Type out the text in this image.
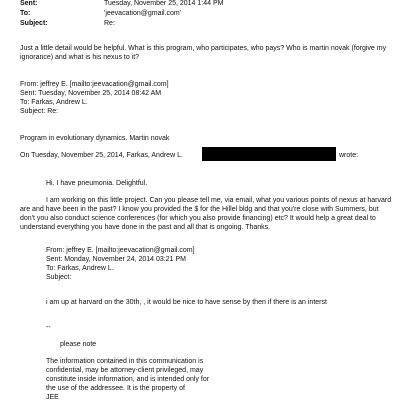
Sent:	Tuesday, November 25, 2014 1:44 PM
To:	'jeevacation@gmail.com'
Subject:	Re:
Just a little detail would be helpful. What is this program, who participates, who pays? Who is martin novak (forgive my
ignorance) and what is his nexus to it?
From: jeffrey E. [mailto:jeevacation@gmail.com]
Sent: Tuesday, November 25, 2014 08:42 AM
To: Farkas, Andrew L.
Subject: Re:
Program in evolutionary dynamics. Martin novak
On Tuesday, November 25, 2014, Farkas, Andrew L.	wrote:
Hi. I have pneumonia. Delightful.
I am working on this little project. Can you please tell me, via email, what you various points of nexus at harvard
are and have been in the past? I know you provided the $ for the Hillel bldg and that you're close with Summers, but
don't you also conduct science conferences (for which you also provide financing) etc? It would help a great deal to
understand everything you have done in the past and all that is ongoing. Thanks.
From: jeffrey E. [mailto:jeevacation@gmail.com]
Sent: Monday, November 24, 2014 03:21 PM
To: Farkas, Andrew L.
Subject:
i am up at harvard on the 30th, , it would be nice to have sense by then if there is an interst
--
please note
The information contained in this communication is
confidential, may be attorney-client privileged, may
constitute inside information, and is intended only for
the use of the addressee. It is the property of
JEE
